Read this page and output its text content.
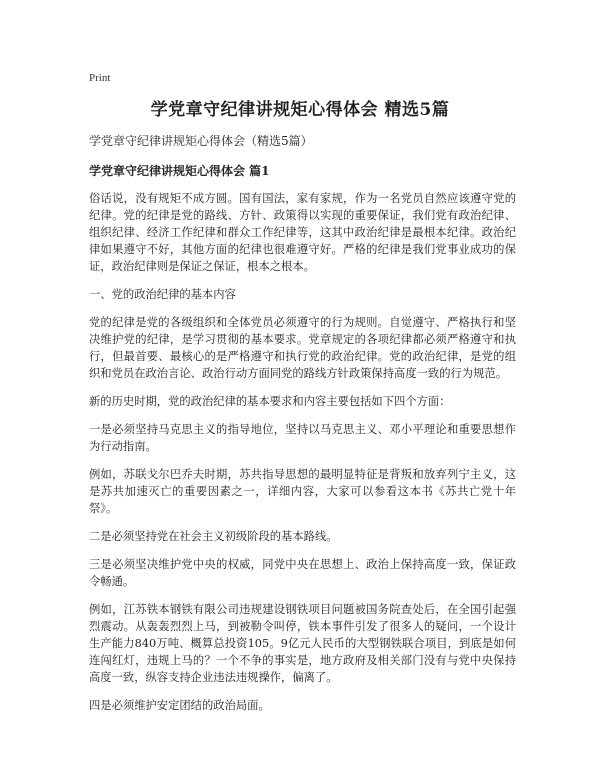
Print
学党章守纪律讲规矩心得体会 精选5篇

学党章守纪律讲规矩心得体会（精选5篇）

学党章守纪律讲规矩心得体会 篇1

俗话说，没有规矩不成方圆。国有国法，家有家规，作为一名党员自然应该遵守党的纪律。党的纪律是党的路线、方针、政策得以实现的重要保证，我们党有政治纪律、组织纪律、经济工作纪律和群众工作纪律等，这其中政治纪律是最根本纪律。政治纪律如果遵守不好，其他方面的纪律也很难遵守好。严格的纪律是我们党事业成功的保证，政治纪律则是保证之保证，根本之根本。

一、党的政治纪律的基本内容

党的纪律是党的各级组织和全体党员必须遵守的行为规则。自觉遵守、严格执行和坚决维护党的纪律，是学习贯彻的基本要求。党章规定的各项纪律都必须严格遵守和执行，但最首要、最核心的是严格遵守和执行党的政治纪律。党的政治纪律，是党的组织和党员在政治言论、政治行动方面同党的路线方针政策保持高度一致的行为规范。

新的历史时期，党的政治纪律的基本要求和内容主要包括如下四个方面：

一是必须坚持马克思主义的指导地位，坚持以马克思主义、邓小平理论和重要思想作为行动指南。

例如，苏联戈尔巴乔夫时期，苏共指导思想的最明显特征是背叛和放弃列宁主义，这是苏共加速灭亡的重要因素之一，详细内容，大家可以参看这本书《苏共亡党十年祭》。

二是必须坚持党在社会主义初级阶段的基本路线。

三是必须坚决维护党中央的权威，同党中央在思想上、政治上保持高度一致，保证政令畅通。

例如，江苏铁本钢铁有限公司违规建设钢铁项目问题被国务院查处后，在全国引起强烈震动。从轰轰烈烈上马，到被勒令叫停，铁本事件引发了很多人的疑问，一个设计生产能力840万吨、概算总投资105。9亿元人民币的大型钢铁联合项目，到底是如何连闯红灯，违规上马的？一个不争的事实是，地方政府及相关部门没有与党中央保持高度一致，纵容支持企业违法违规操作，偏离了。

四是必须维护安定团结的政治局面。
